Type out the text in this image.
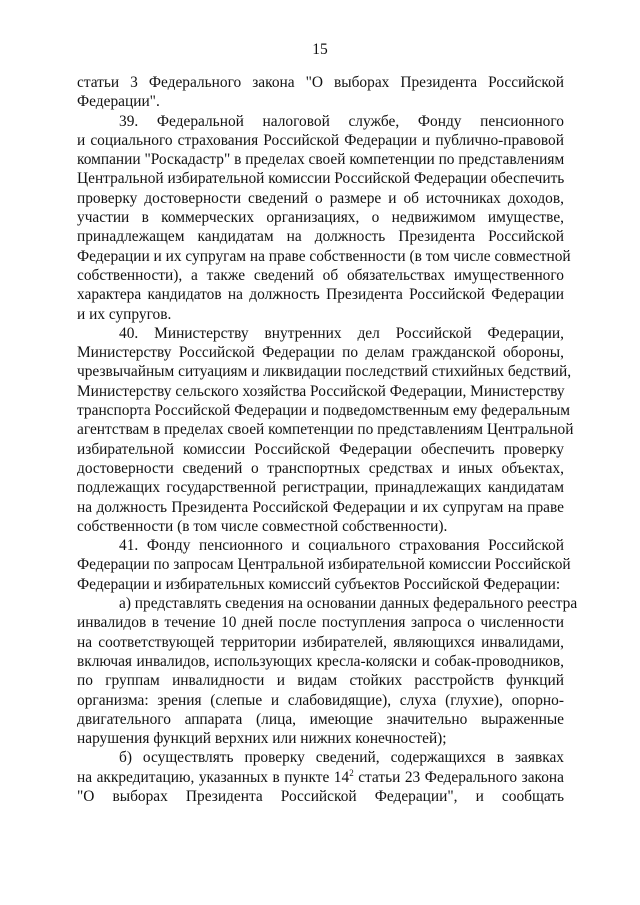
15
статьи 3 Федерального закона "О выборах Президента Российской
Федерации".
39. Федеральной налоговой службе, Фонду пенсионного
и социального страхования Российской Федерации и публично-правовой
компании "Роскадастр" в пределах своей компетенции по представлениям
Центральной избирательной комиссии Российской Федерации обеспечить
проверку достоверности сведений о размере и об источниках доходов,
участии в коммерческих организациях, о недвижимом имуществе,
принадлежащем кандидатам на должность Президента Российской
Федерации и их супругам на праве собственности (в том числе совместной
собственности), а также сведений об обязательствах имущественного
характера кандидатов на должность Президента Российской Федерации
и их супругов.
40. Министерству внутренних дел Российской Федерации,
Министерству Российской Федерации по делам гражданской обороны,
чрезвычайным ситуациям и ликвидации последствий стихийных бедствий,
Министерству сельского хозяйства Российской Федерации, Министерству
транспорта Российской Федерации и подведомственным ему федеральным
агентствам в пределах своей компетенции по представлениям Центральной
избирательной комиссии Российской Федерации обеспечить проверку
достоверности сведений о транспортных средствах и иных объектах,
подлежащих государственной регистрации, принадлежащих кандидатам
на должность Президента Российской Федерации и их супругам на праве
собственности (в том числе совместной собственности).
41. Фонду пенсионного и социального страхования Российской
Федерации по запросам Центральной избирательной комиссии Российской
Федерации и избирательных комиссий субъектов Российской Федерации:
а) представлять сведения на основании данных федерального реестра
инвалидов в течение 10 дней после поступления запроса о численности
на соответствующей территории избирателей, являющихся инвалидами,
включая инвалидов, использующих кресла-коляски и собак-проводников,
по группам инвалидности и видам стойких расстройств функций
организма: зрения (слепые и слабовидящие), слуха (глухие), опорно-
двигательного аппарата (лица, имеющие значительно выраженные
нарушения функций верхних или нижних конечностей);
б) осуществлять проверку сведений, содержащихся в заявках
на аккредитацию, указанных в пункте $14^2$ статьи 23 Федерального закона
"О выборах Президента Российской Федерации", и сообщать
